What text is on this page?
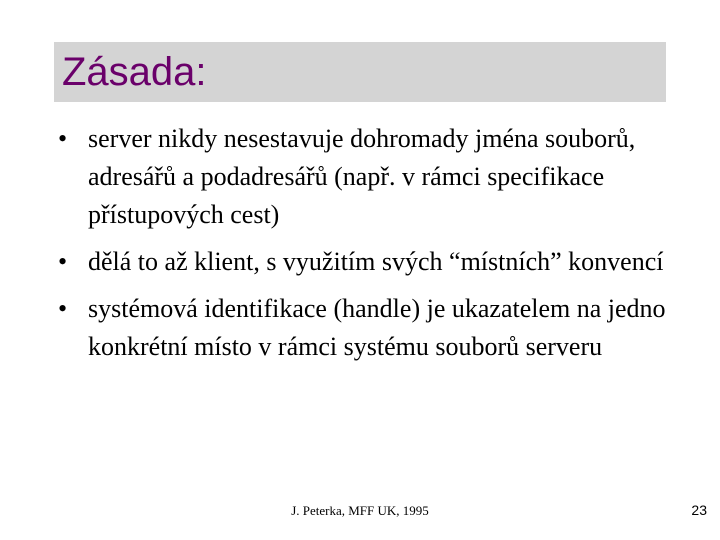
Zásada:
• server nikdy nesestavuje dohromady jména souborů, adresářů a podadresářů (např. v rámci specifikace přístupových cest)
• dělá to až klient, s využitím svých “místních” konvencí
• systémová identifikace (handle) je ukazatelem na jedno konkrétní místo v rámci systému souborů serveru
J. Peterka, MFF UK, 1995	23
